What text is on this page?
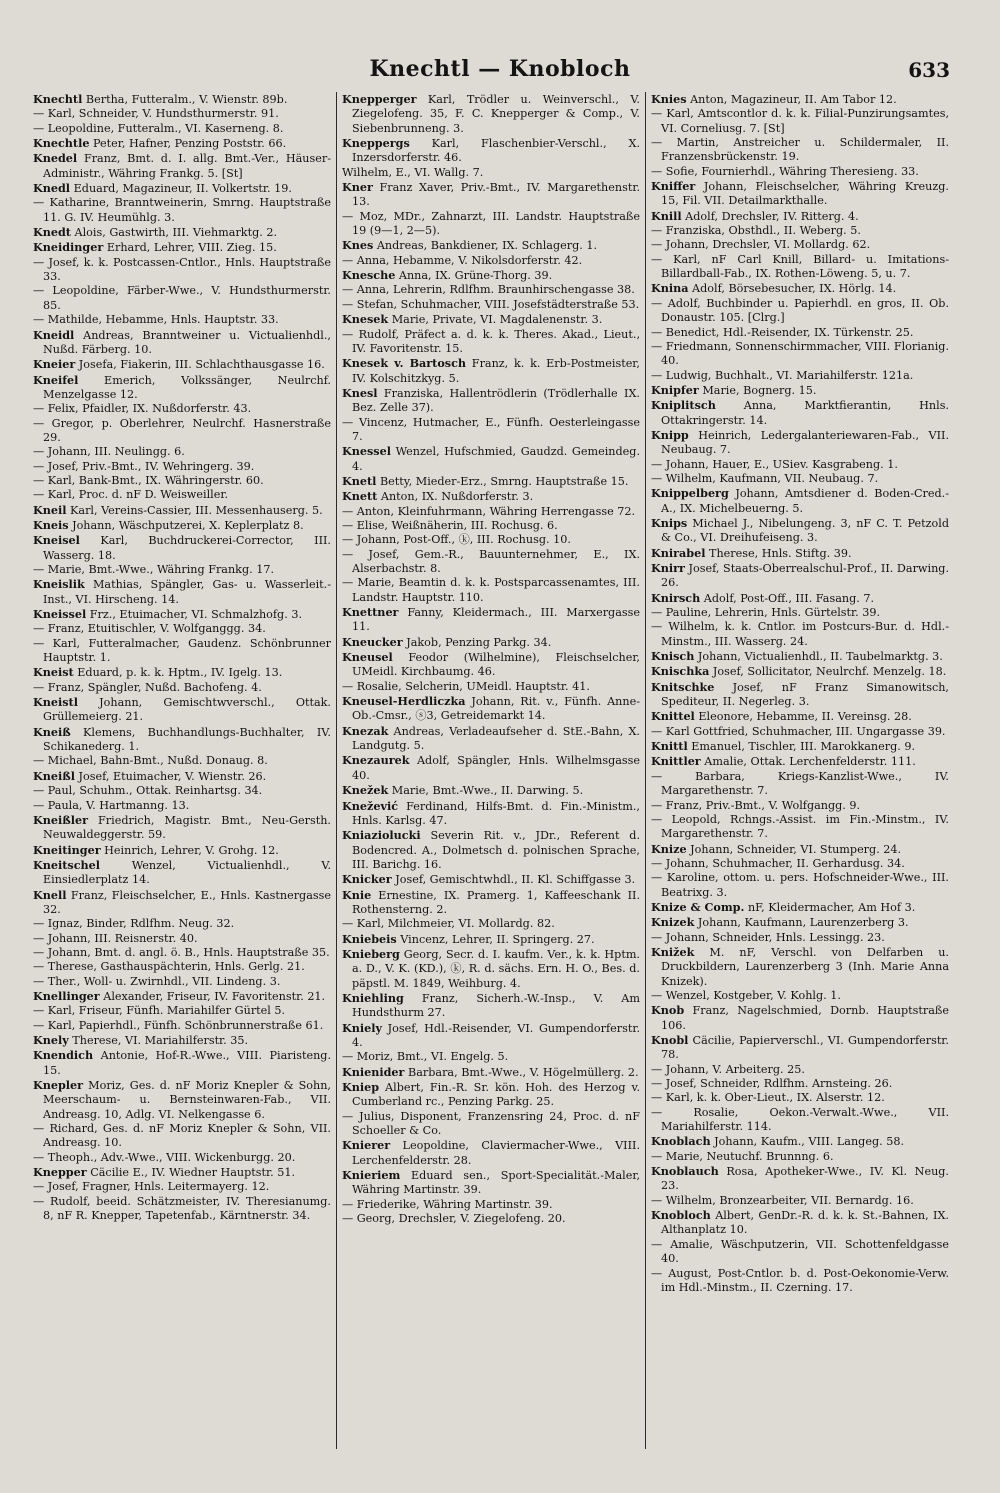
Knechtl — Knobloch	633

Knechtl Bertha, Futteralm., V. Wienstr. 89b.

— Karl, Schneider, V. Hundsthurmerstr. 91.

— Leopoldine, Futteralm., VI. Kaserneng. 8.

Knechtle Peter, Hafner, Penzing Poststr. 66.

Knedel Franz, Bmt. d. I. allg. Bmt.-Ver., Häuser-Administr., Währing Frankg. 5. [St]

Knedl Eduard, Magazineur, II. Volkertstr. 19.

— Katharine, Branntweinerin, Smrng. Hauptstraße 11. G. IV. Heumühlg. 3.

Knedt Alois, Gastwirth, III. Viehmarktg. 2.

Kneidinger Erhard, Lehrer, VIII. Zieg. 15.

— Josef, k. k. Postcassen-Cntlor., Hnls. Hauptstraße 33.

— Leopoldine, Färber-Wwe., V. Hundsthurmerstr. 85.

— Mathilde, Hebamme, Hnls. Hauptstr. 33.

Kneidl Andreas, Branntweiner u. Victualienhdl., Nußd. Färberg. 10.

Kneier Josefa, Fiakerin, III. Schlachthausgasse 16.

Kneifel Emerich, Volkssänger, Neulrchf. Menzelgasse 12.

— Felix, Pfaidler, IX. Nußdorferstr. 43.

— Gregor, p. Oberlehrer, Neulrchf. Hasnerstraße 29.

— Johann, III. Neulingg. 6.

— Josef, Priv.-Bmt., IV. Wehringerg. 39.

— Karl, Bank-Bmt., IX. Währingerstr. 60.

— Karl, Proc. d. nF D. Weisweiller.

Kneil Karl, Vereins-Cassier, III. Messenhauserg. 5.

Kneis Johann, Wäschputzerei, X. Keplerplatz 8.

Kneisel Karl, Buchdruckerei-Corrector, III. Wasserg. 18.

— Marie, Bmt.-Wwe., Währing Frankg. 17.

Kneislik Mathias, Spängler, Gas- u. Wasserleit.-Inst., VI. Hirscheng. 14.

Kneissel Frz., Etuimacher, VI. Schmalzhofg. 3.

— Franz, Etuitischler, V. Wolfganggg. 34.

— Karl, Futteralmacher, Gaudenz. Schönbrunner Hauptstr. 1.

Kneist Eduard, p. k. k. Hptm., IV. Igelg. 13.

— Franz, Spängler, Nußd. Bachofeng. 4.

Kneistl Johann, Gemischtwverschl., Ottak. Grüllemeierg. 21.

Kneiß Klemens, Buchhandlungs-Buchhalter, IV. Schikanederg. 1.

— Michael, Bahn-Bmt., Nußd. Donaug. 8.

Kneißl Josef, Etuimacher, V. Wienstr. 26.

— Paul, Schuhm., Ottak. Reinhartsg. 34.

— Paula, V. Hartmanng. 13.

Kneißler Friedrich, Magistr. Bmt., Neu-Gersth. Neuwaldeggerstr. 59.

Kneitinger Heinrich, Lehrer, V. Grohg. 12.

Kneitschel Wenzel, Victualienhdl., V. Einsiedlerplatz 14.

Knell Franz, Fleischselcher, E., Hnls. Kastnergasse 32.

— Ignaz, Binder, Rdlfhm. Neug. 32.

— Johann, III. Reisnerstr. 40.

— Johann, Bmt. d. angl. ö. B., Hnls. Hauptstraße 35.

— Therese, Gasthauspächterin, Hnls. Gerlg. 21.

— Ther., Woll- u. Zwirnhdl., VII. Lindeng. 3.

Knellinger Alexander, Friseur, IV. Favoritenstr. 21.

— Karl, Friseur, Fünfh. Mariahilfer Gürtel 5.

— Karl, Papierhdl., Fünfh. Schönbrunnerstraße 61.

Knely Therese, VI. Mariahilferstr. 35.

Knendich Antonie, Hof-R.-Wwe., VIII. Piaristeng. 15.

Knepler Moriz, Ges. d. nF Moriz Knepler & Sohn, Meerschaum- u. Bernsteinwaren-Fab., VII. Andreasg. 10, Adlg. VI. Nelkengasse 6.

— Richard, Ges. d. nF Moriz Knepler & Sohn, VII. Andreasg. 10.

— Theoph., Adv.-Wwe., VIII. Wickenburgg. 20.

Knepper Cäcilie E., IV. Wiedner Hauptstr. 51.

— Josef, Fragner, Hnls. Leitermayerg. 12.

— Rudolf, beeid. Schätzmeister, IV. Theresianumg. 8, nF R. Knepper, Tapetenfab., Kärntnerstr. 34.

Knepperger Karl, Trödler u. Weinverschl., V. Ziegelofeng. 35, F. C. Knepperger & Comp., V. Siebenbrunneng. 3.

Kneppergs Karl, Flaschenbier-Verschl., X. Inzersdorferstr. 46.

Wilhelm, E., VI. Wallg. 7.

Kner Franz Xaver, Priv.-Bmt., IV. Margarethenstr. 13.

— Moz, MDr., Zahnarzt, III. Landstr. Hauptstraße 19 (9—1, 2—5).

Knes Andreas, Bankdiener, IX. Schlagerg. 1.

— Anna, Hebamme, V. Nikolsdorferstr. 42.

Knesche Anna, IX. Grüne-Thorg. 39.

— Anna, Lehrerin, Rdlfhm. Braunhirschengasse 38.

— Stefan, Schuhmacher, VIII. Josefstädterstraße 53.

Knesek Marie, Private, VI. Magdalenenstr. 3.

— Rudolf, Präfect a. d. k. k. Theres. Akad., Lieut., IV. Favoritenstr. 15.

Knesek v. Bartosch Franz, k. k. Erb-Postmeister, IV. Kolschitzkyg. 5.

Knesl Franziska, Hallentrödlerin (Trödlerhalle IX. Bez. Zelle 37).

— Vincenz, Hutmacher, E., Fünfh. Oesterleingasse 7.

Knessel Wenzel, Hufschmied, Gaudzd. Gemeindeg. 4.

Knetl Betty, Mieder-Erz., Smrng. Hauptstraße 15.

Knett Anton, IX. Nußdorferstr. 3.

— Anton, Kleinfuhrmann, Währing Herrengasse 72.

— Elise, Weißnäherin, III. Rochusg. 6.

— Johann, Post-Off., ⓚ, III. Rochusg. 10.

— Josef, Gem.-R., Bauunternehmer, E., IX. Alserbachstr. 8.

— Marie, Beamtin d. k. k. Postsparcassenamtes, III. Landstr. Hauptstr. 110.

Knettner Fanny, Kleidermach., III. Marxergasse 11.

Kneucker Jakob, Penzing Parkg. 34.

Kneusel Feodor (Wilhelmine), Fleischselcher, UMeidl. Kirchbaumg. 46.

— Rosalie, Selcherin, UMeidl. Hauptstr. 41.

Kneusel-Herdliczka Johann, Rit. v., Fünfh. Anne-Ob.-Cmsr., ⓢ3, Getreidemarkt 14.

Knezak Andreas, Verladeaufseher d. StE.-Bahn, X. Landgutg. 5.

Knezaurek Adolf, Spängler, Hnls. Wilhelmsgasse 40.

Knežek Marie, Bmt.-Wwe., II. Darwing. 5.

Knežević Ferdinand, Hilfs-Bmt. d. Fin.-Ministm., Hnls. Karlsg. 47.

Kniaziolucki Severin Rit. v., JDr., Referent d. Bodencred. A., Dolmetsch d. polnischen Sprache, III. Barichg. 16.

Knicker Josef, Gemischtwhdl., II. Kl. Schiffgasse 3.

Knie Ernestine, IX. Pramerg. 1, Kaffeeschank II. Rothensterng. 2.

— Karl, Milchmeier, VI. Mollardg. 82.

Kniebeis Vincenz, Lehrer, II. Springerg. 27.

Knieberg Georg, Secr. d. I. kaufm. Ver., k. k. Hptm. a. D., V. K. (KD.), ⓚ, R. d. sächs. Ern. H. O., Bes. d. päpstl. M. 1849, Weihburg. 4.

Kniehling Franz, Sicherh.-W.-Insp., V. Am Hundsthurm 27.

Kniely Josef, Hdl.-Reisender, VI. Gumpendorferstr. 4.

— Moriz, Bmt., VI. Engelg. 5.

Knienider Barbara, Bmt.-Wwe., V. Högelmüllerg. 2.

Kniep Albert, Fin.-R. Sr. kön. Hoh. des Herzog v. Cumberland rc., Penzing Parkg. 25.

— Julius, Disponent, Franzensring 24, Proc. d. nF Schoeller & Co.

Knierer Leopoldine, Claviermacher-Wwe., VIII. Lerchenfelderstr. 28.

Knieriem Eduard sen., Sport-Specialität.-Maler, Währing Martinstr. 39.

— Friederike, Währing Martinstr. 39.

— Georg, Drechsler, V. Ziegelofeng. 20.

Knies Anton, Magazineur, II. Am Tabor 12.

— Karl, Amtscontlor d. k. k. Filial-Punzirungsamtes, VI. Corneliusg. 7. [St]

— Martin, Anstreicher u. Schildermaler, II. Franzensbrückenstr. 19.

— Sofie, Fournierhdl., Währing Theresieng. 33.

Kniffer Johann, Fleischselcher, Währing Kreuzg. 15, Fil. VII. Detailmarkthalle.

Knill Adolf, Drechsler, IV. Ritterg. 4.

— Franziska, Obsthdl., II. Weberg. 5.

— Johann, Drechsler, VI. Mollardg. 62.

— Karl, nF Carl Knill, Billard- u. Imitations-Billardball-Fab., IX. Rothen-Löweng. 5, u. 7.

Knina Adolf, Börsebesucher, IX. Hörlg. 14.

— Adolf, Buchbinder u. Papierhdl. en gros, II. Ob. Donaustr. 105. [Clrg.]

— Benedict, Hdl.-Reisender, IX. Türkenstr. 25.

— Friedmann, Sonnenschirmmacher, VIII. Florianig. 40.

— Ludwig, Buchhalt., VI. Mariahilferstr. 121a.

Knipfer Marie, Bognerg. 15.

Kniplitsch Anna, Marktfierantin, Hnls. Ottakringerstr. 14.

Knipp Heinrich, Ledergalanteriewaren-Fab., VII. Neubaug. 7.

— Johann, Hauer, E., USiev. Kasgrabeng. 1.

— Wilhelm, Kaufmann, VII. Neubaug. 7.

Knippelberg Johann, Amtsdiener d. Boden-Cred.-A., IX. Michelbeuerng. 5.

Knips Michael J., Nibelungeng. 3, nF C. T. Petzold & Co., VI. Dreihufeiseng. 3.

Knirabel Therese, Hnls. Stiftg. 39.

Knirr Josef, Staats-Oberrealschul-Prof., II. Darwing. 26.

Knirsch Adolf, Post-Off., III. Fasang. 7.

— Pauline, Lehrerin, Hnls. Gürtelstr. 39.

— Wilhelm, k. k. Cntlor. im Postcurs-Bur. d. Hdl.-Minstm., III. Wasserg. 24.

Knisch Johann, Victualienhdl., II. Taubelmarktg. 3.

Knischka Josef, Sollicitator, Neulrchf. Menzelg. 18.

Knitschke Josef, nF Franz Simanowitsch, Spediteur, II. Negerleg. 3.

Knittel Eleonore, Hebamme, II. Vereinsg. 28.

— Karl Gottfried, Schuhmacher, III. Ungargasse 39.

Knittl Emanuel, Tischler, III. Marokkanerg. 9.

Knittler Amalie, Ottak. Lerchenfelderstr. 111.

— Barbara, Kriegs-Kanzlist-Wwe., IV. Margarethenstr. 7.

— Franz, Priv.-Bmt., V. Wolfgangg. 9.

— Leopold, Rchngs.-Assist. im Fin.-Minstm., IV. Margarethenstr. 7.

Knize Johann, Schneider, VI. Stumperg. 24.

— Johann, Schuhmacher, II. Gerhardusg. 34.

— Karoline, ottom. u. pers. Hofschneider-Wwe., III. Beatrixg. 3.

Knize & Comp. nF, Kleidermacher, Am Hof 3.

Knizek Johann, Kaufmann, Laurenzerberg 3.

— Johann, Schneider, Hnls. Lessingg. 23.

Knižek M. nF, Verschl. von Delfarben u. Druckbildern, Laurenzerberg 3 (Inh. Marie Anna Knizek).

— Wenzel, Kostgeber, V. Kohlg. 1.

Knob Franz, Nagelschmied, Dornb. Hauptstraße 106.

Knobl Cäcilie, Papierverschl., VI. Gumpendorferstr. 78.

— Johann, V. Arbeiterg. 25.

— Josef, Schneider, Rdlfhm. Arnsteing. 26.

— Karl, k. k. Ober-Lieut., IX. Alserstr. 12.

— Rosalie, Oekon.-Verwalt.-Wwe., VII. Mariahilferstr. 114.

Knoblach Johann, Kaufm., VIII. Langeg. 58.

— Marie, Neutuchf. Brunnng. 6.

Knoblauch Rosa, Apotheker-Wwe., IV. Kl. Neug. 23.

— Wilhelm, Bronzearbeiter, VII. Bernardg. 16.

Knobloch Albert, GenDr.-R. d. k. k. St.-Bahnen, IX. Althanplatz 10.

— Amalie, Wäschputzerin, VII. Schottenfeldgasse 40.

— August, Post-Cntlor. b. d. Post-Oekonomie-Verw. im Hdl.-Minstm., II. Czerning. 17.
